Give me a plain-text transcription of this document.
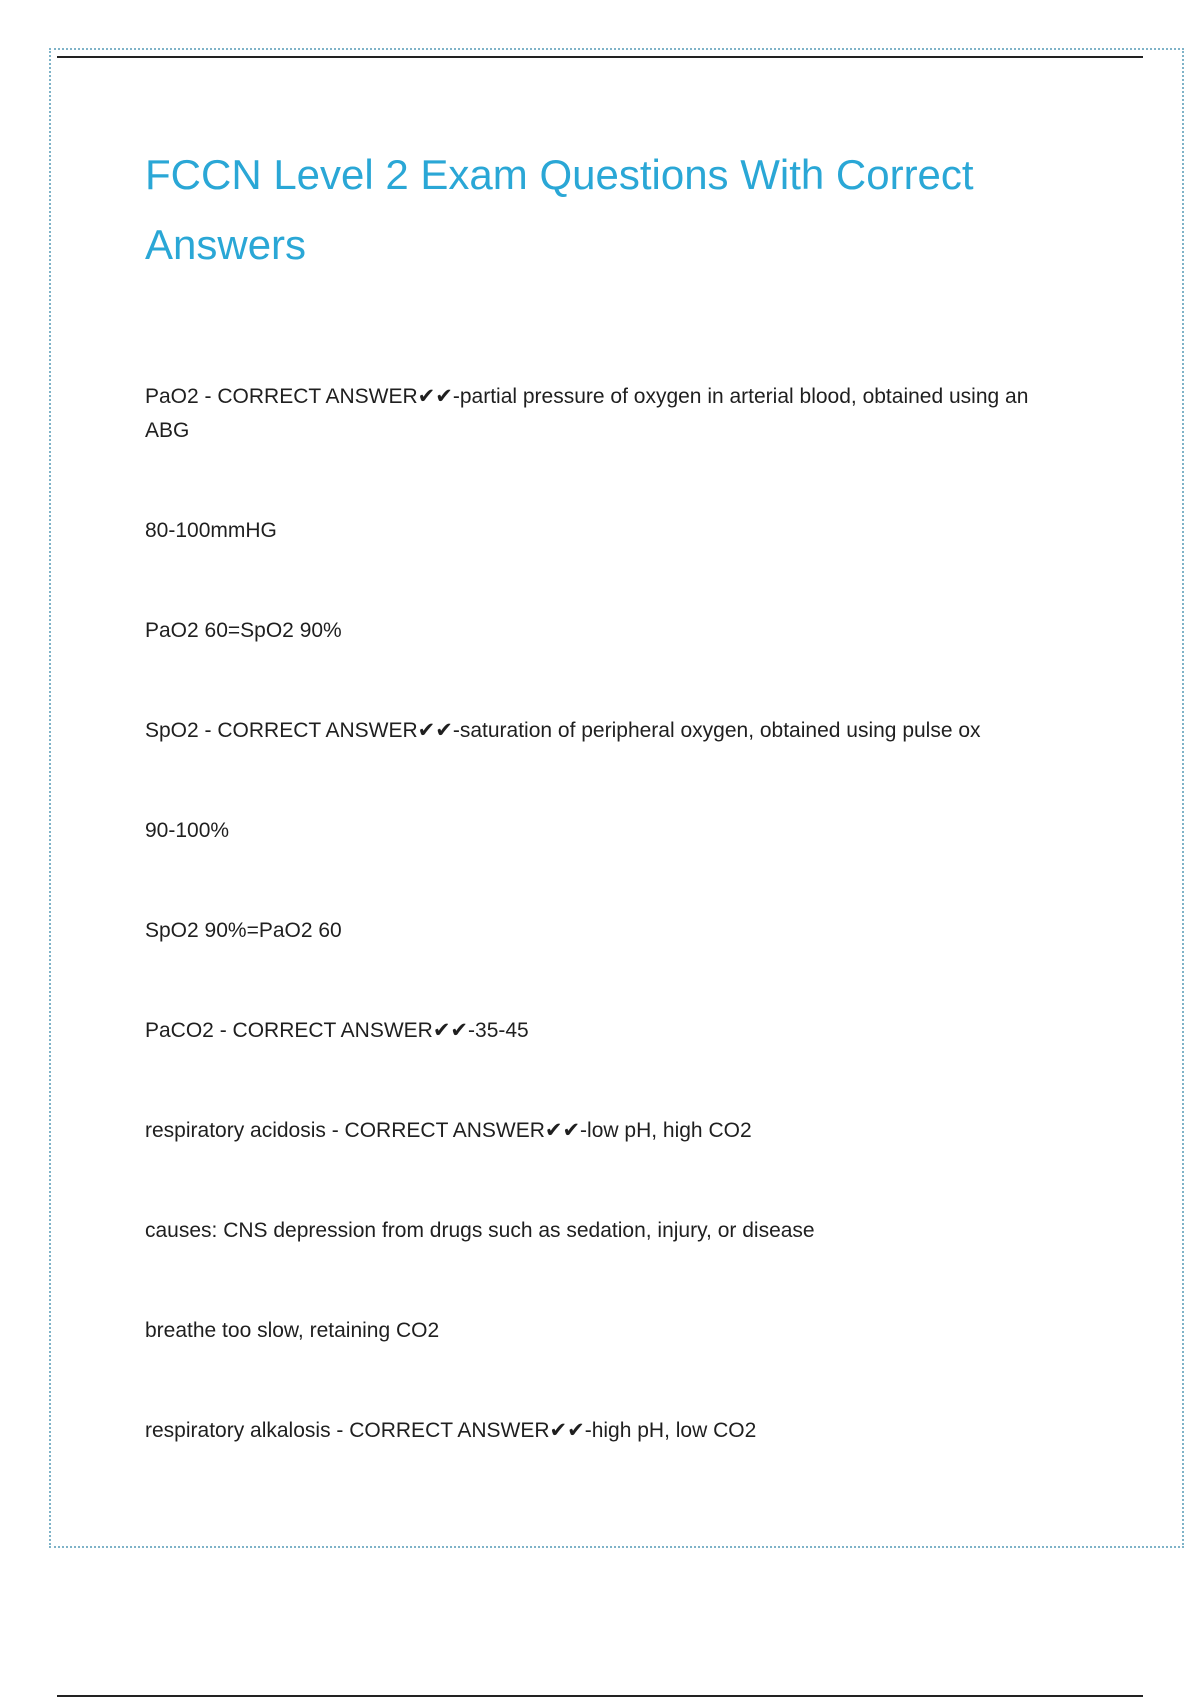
FCCN Level 2 Exam Questions With Correct Answers

PaO2 - CORRECT ANSWER✔✔-partial pressure of oxygen in arterial blood, obtained using an ABG

80-100mmHG

PaO2 60=SpO2 90%

SpO2 - CORRECT ANSWER✔✔-saturation of peripheral oxygen, obtained using pulse ox

90-100%

SpO2 90%=PaO2 60

PaCO2 - CORRECT ANSWER✔✔-35-45

respiratory acidosis - CORRECT ANSWER✔✔-low pH, high CO2

causes: CNS depression from drugs such as sedation, injury, or disease

breathe too slow, retaining CO2

respiratory alkalosis - CORRECT ANSWER✔✔-high pH, low CO2
